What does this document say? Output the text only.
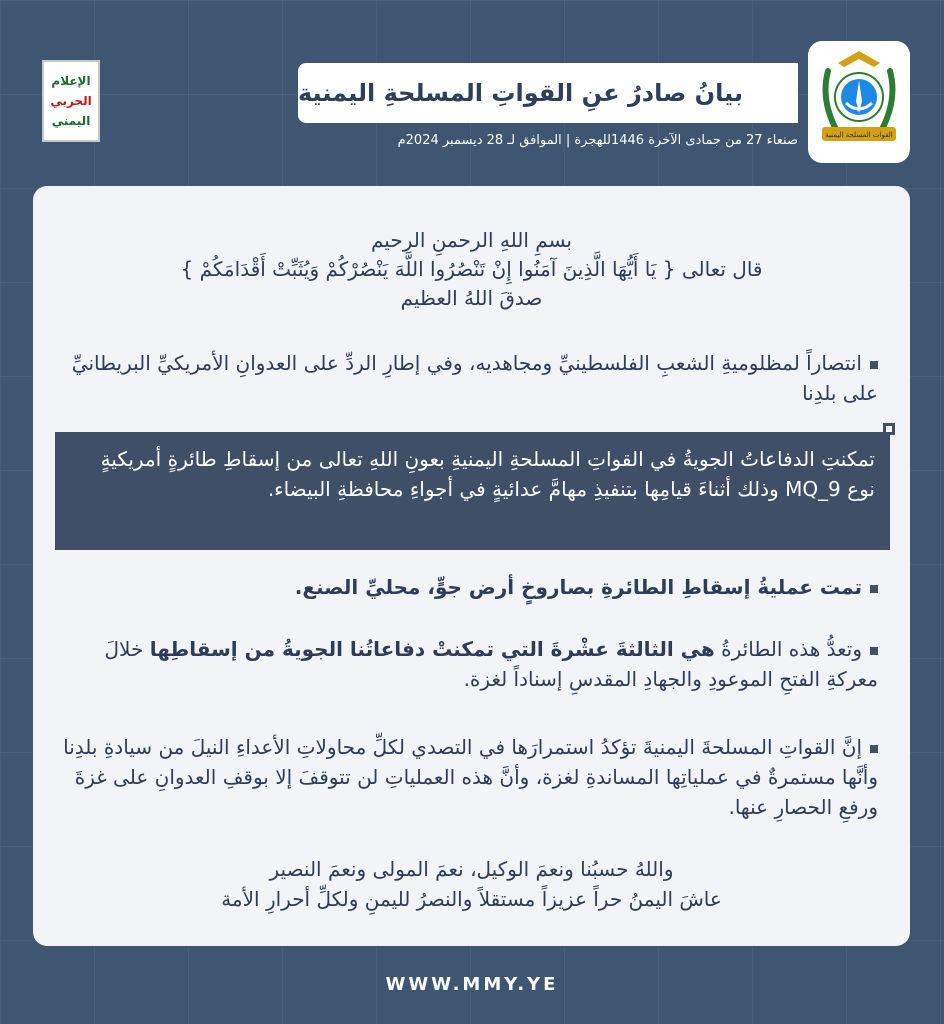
الإعلام
الحربي
اليمني
بيانُ صادرُ عنِ القواتِ المسلحةِ اليمنية
صنعاء 27 من جمادى الآخرة 1446للهجرة | الموافق لـ 28 ديسمبر 2024م	القوات المسلحة اليمنية
بسمِ اللهِ الرحمنِ الرحيم
قال تعالى { يَا أَيُّهَا الَّذِينَ آمَنُوا إِنْ تَنْصُرُوا اللَّهَ يَنْصُرْكُمْ وَيُثَبِّتْ أَقْدَامَكُمْ }
صدقَ اللهُ العظيم
انتصاراً لمظلوميةِ الشعبِ الفلسطينيِّ ومجاهديه، وفي إطارِ الردِّ على العدوانِ الأمريكيِّ البريطانيِّ على بلدِنا
تمكنتِ الدفاعاتُ الجويةُ في القواتِ المسلحةِ اليمنيةِ بعونِ اللهِ تعالى من إسقاطِ طائرةٍ أمريكيةٍ نوع MQ_9 وذلك أثناءَ قيامِها بتنفيذِ مهامَّ عدائيةٍ في أجواءِ محافظةِ البيضاء.
تمت عمليةُ إسقاطِ الطائرةِ بصاروخٍ أرض جوٍّ، محليِّ الصنع.
وتعدُّ هذه الطائرةُ هي الثالثةَ عشْرةَ التي تمكنتْ دفاعاتُنا الجويةُ من إسقاطِها خلالَ معركةِ الفتحِ الموعودِ والجهادِ المقدسِ إسناداً لغزة.
إنَّ القواتِ المسلحةَ اليمنيةَ تؤكدُ استمرارَها في التصدي لكلِّ محاولاتِ الأعداءِ النيلَ من سيادةِ بلدِنا وأنَّها مستمرةٌ في عملياتِها المساندةِ لغزة، وأنَّ هذه العملياتِ لن تتوقفَ إلا بوقفِ العدوانِ على غزةَ ورفعِ الحصارِ عنها.
واللهُ حسبُنا ونعمَ الوكيل، نعمَ المولى ونعمَ النصير
عاشَ اليمنُ حراً عزيزاً مستقلاً والنصرُ لليمنِ ولكلِّ أحرارِ الأمة
WWW.MMY.YE
